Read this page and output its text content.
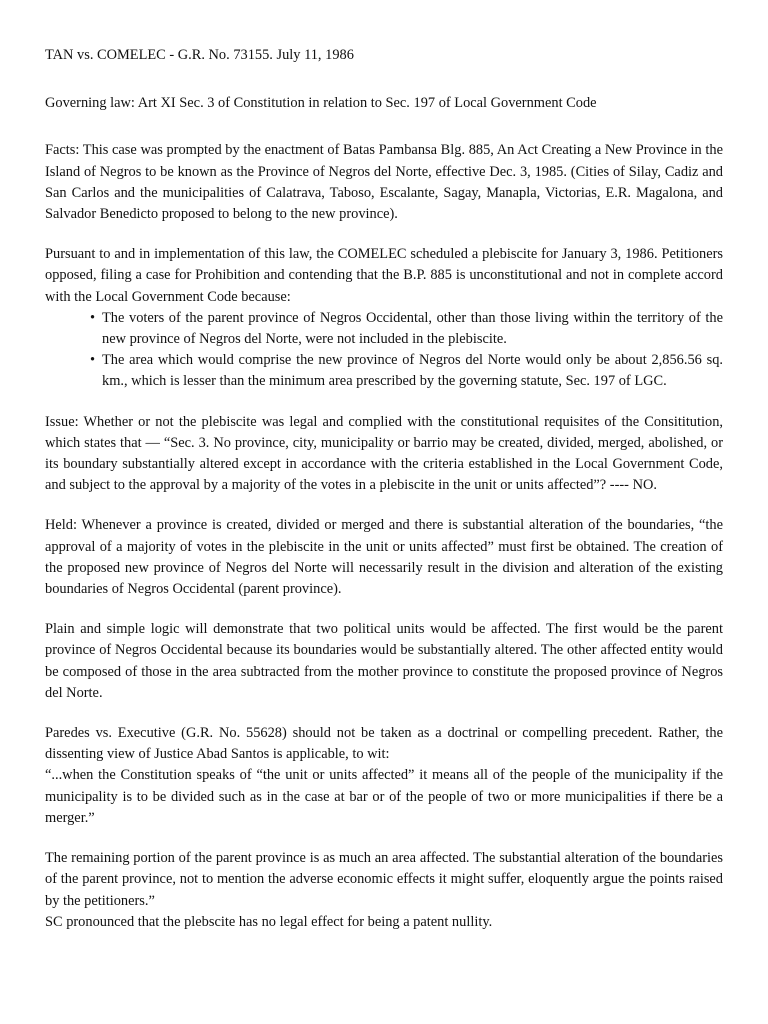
TAN vs. COMELEC - G.R. No. 73155. July 11, 1986

Governing law: Art XI Sec. 3 of Constitution in relation to Sec. 197 of Local Government Code

Facts: This case was prompted by the enactment of Batas Pambansa Blg. 885, An Act Creating a New Province in the Island of Negros to be known as the Province of Negros del Norte, effective Dec. 3, 1985. (Cities of Silay, Cadiz and San Carlos and the municipalities of Calatrava, Taboso, Escalante, Sagay, Manapla, Victorias, E.R. Magalona, and Salvador Benedicto proposed to belong to the new province).

Pursuant to and in implementation of this law, the COMELEC scheduled a plebiscite for January 3, 1986. Petitioners opposed, filing a case for Prohibition and contending that the B.P. 885 is unconstitutional and not in complete accord with the Local Government Code because:

• The voters of the parent province of Negros Occidental, other than those living within the territory of the new province of Negros del Norte, were not included in the plebiscite.
• The area which would comprise the new province of Negros del Norte would only be about 2,856.56 sq. km., which is lesser than the minimum area prescribed by the governing statute, Sec. 197 of LGC.

Issue: Whether or not the plebiscite was legal and complied with the constitutional requisites of the Consititution, which states that — “Sec. 3. No province, city, municipality or barrio may be created, divided, merged, abolished, or its boundary substantially altered except in accordance with the criteria established in the Local Government Code, and subject to the approval by a majority of the votes in a plebiscite in the unit or units affected”? ---- NO.

Held: Whenever a province is created, divided or merged and there is substantial alteration of the boundaries, “the approval of a majority of votes in the plebiscite in the unit or units affected” must first be obtained. The creation of the proposed new province of Negros del Norte will necessarily result in the division and alteration of the existing boundaries of Negros Occidental (parent province).

Plain and simple logic will demonstrate that two political units would be affected. The first would be the parent province of Negros Occidental because its boundaries would be substantially altered. The other affected entity would be composed of those in the area subtracted from the mother province to constitute the proposed province of Negros del Norte.

Paredes vs. Executive (G.R. No. 55628) should not be taken as a doctrinal or compelling precedent. Rather, the dissenting view of Justice Abad Santos is applicable, to wit:

“...when the Constitution speaks of “the unit or units affected” it means all of the people of the municipality if the municipality is to be divided such as in the case at bar or of the people of two or more municipalities if there be a merger.”

The remaining portion of the parent province is as much an area affected. The substantial alteration of the boundaries of the parent province, not to mention the adverse economic effects it might suffer, eloquently argue the points raised by the petitioners.”

SC pronounced that the plebscite has no legal effect for being a patent nullity.
